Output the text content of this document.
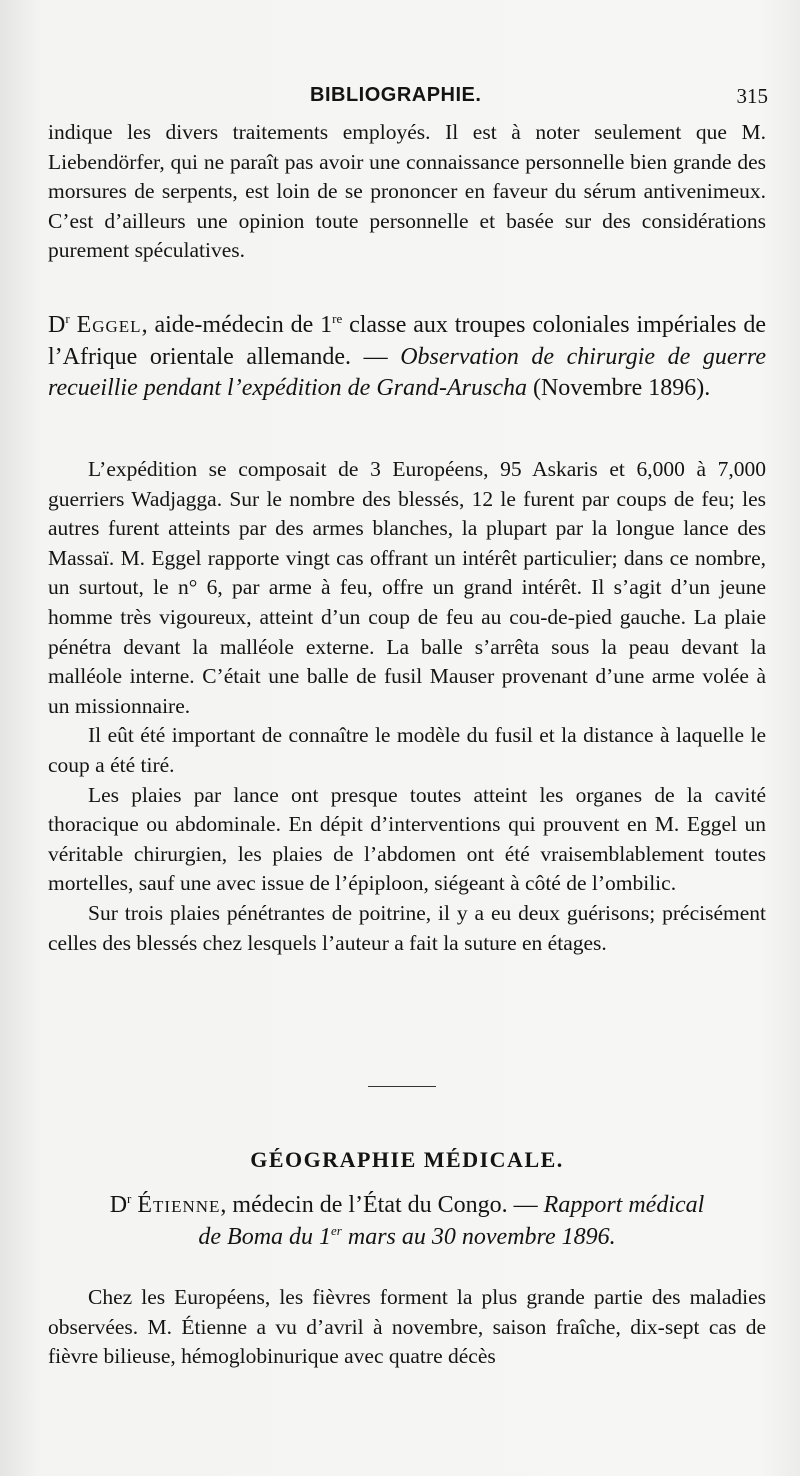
BIBLIOGRAPHIE.	315

indique les divers traitements employés. Il est à noter seulement que M. Liebendörfer, qui ne paraît pas avoir une connaissance personnelle bien grande des morsures de serpents, est loin de se prononcer en faveur du sérum antivenimeux. C’est d’ailleurs une opinion toute personnelle et basée sur des considérations purement spéculatives.

$D^r$ Eggel, aide-médecin de 1re classe aux troupes coloniales impériales de l’Afrique orientale allemande. — Observation de chirurgie de guerre recueillie pendant l’expédition de Grand-Aruscha (Novembre 1896).

L’expédition se composait de 3 Européens, 95 Askaris et 6,000 à 7,000 guerriers Wadjagga. Sur le nombre des blessés, 12 le furent par coups de feu; les autres furent atteints par des armes blanches, la plupart par la longue lance des Massaï. M. Eggel rapporte vingt cas offrant un intérêt particulier; dans ce nombre, un surtout, le n° 6, par arme à feu, offre un grand intérêt. Il s’agit d’un jeune homme très vigoureux, atteint d’un coup de feu au cou-de-pied gauche. La plaie pénétra devant la malléole externe. La balle s’arrêta sous la peau devant la malléole interne. C’était une balle de fusil Mauser provenant d’une arme volée à un missionnaire.

Il eût été important de connaître le modèle du fusil et la distance à laquelle le coup a été tiré.

Les plaies par lance ont presque toutes atteint les organes de la cavité thoracique ou abdominale. En dépit d’interventions qui prouvent en M. Eggel un véritable chirurgien, les plaies de l’abdomen ont été vraisemblablement toutes mortelles, sauf une avec issue de l’épiploon, siégeant à côté de l’ombilic.

Sur trois plaies pénétrantes de poitrine, il y a eu deux guérisons; précisément celles des blessés chez lesquels l’auteur a fait la suture en étages.

GÉOGRAPHIE MÉDICALE.

$D^r$ Étienne, médecin de l’État du Congo. — Rapport médical
de Boma du 1er mars au 30 novembre 1896.

Chez les Européens, les fièvres forment la plus grande partie des maladies observées. M. Étienne a vu d’avril à novembre, saison fraîche, dix-sept cas de fièvre bilieuse, hémoglobinurique avec quatre décès
